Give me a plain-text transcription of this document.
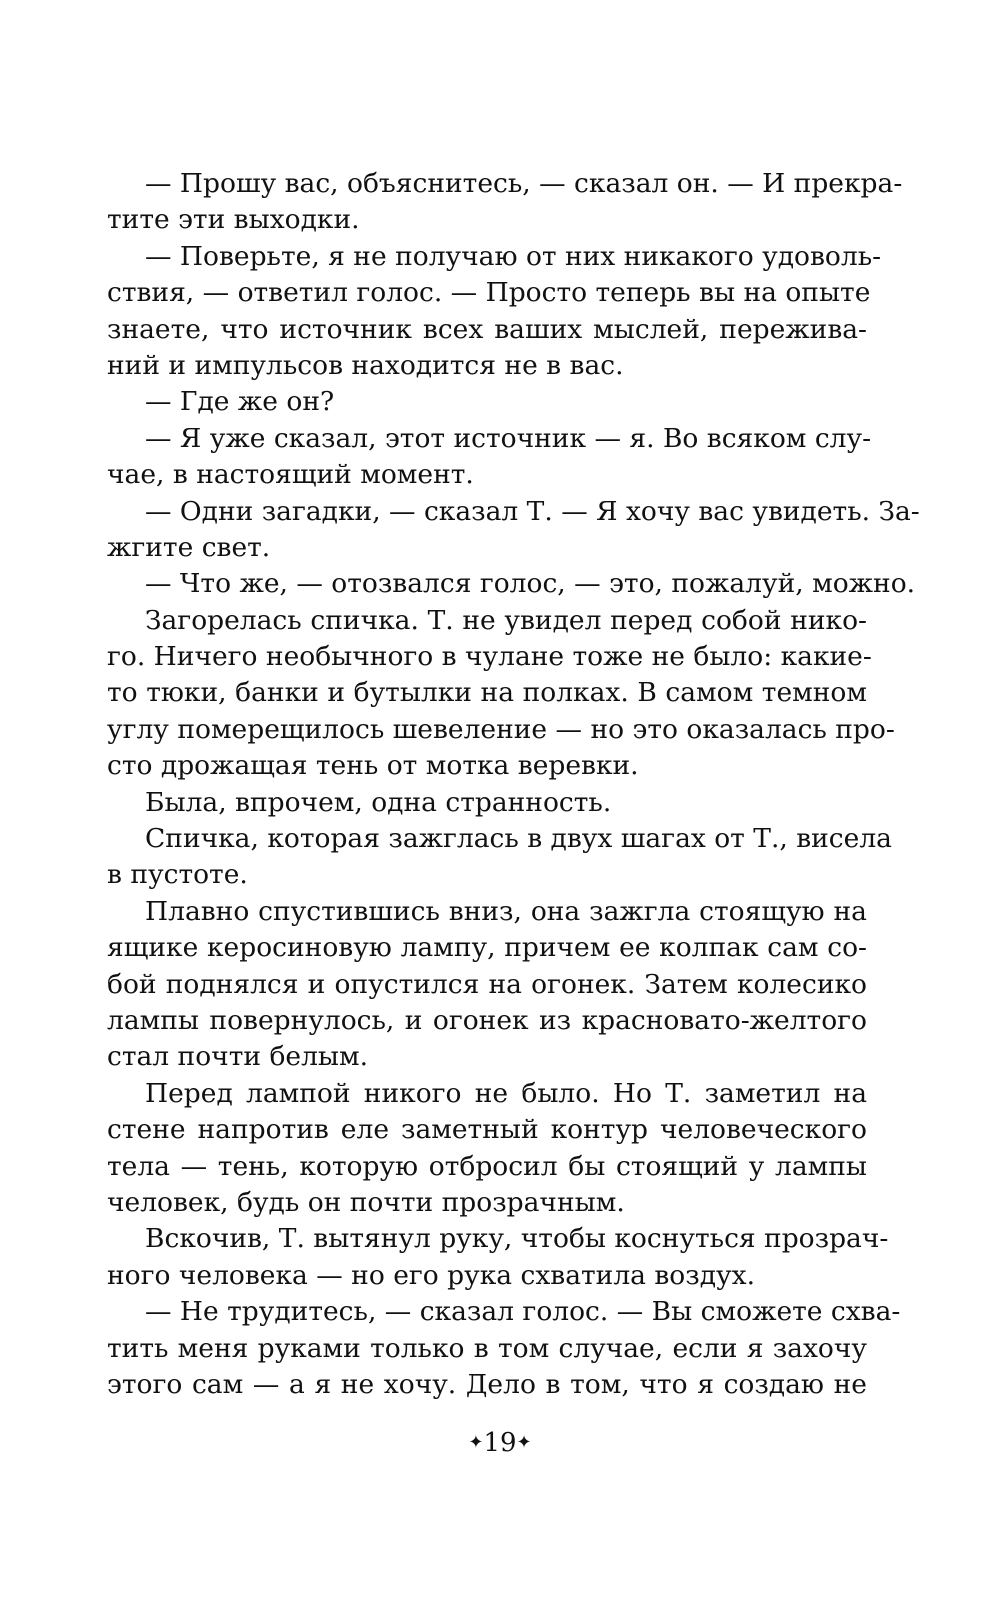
— Прошу вас, объяснитесь, — сказал он. — И прекра-
тите эти выходки.
— Поверьте, я не получаю от них никакого удоволь-
ствия, — ответил голос. — Просто теперь вы на опыте
знаете, что источник всех ваших мыслей, пережива-
ний и импульсов находится не в вас.
— Где же он?
— Я уже сказал, этот источник — я. Во всяком слу-
чае, в настоящий момент.
— Одни загадки, — сказал Т. — Я хочу вас увидеть. За-
жгите свет.
— Что же, — отозвался голос, — это, пожалуй, можно.
Загорелась спичка. Т. не увидел перед собой нико-
го. Ничего необычного в чулане тоже не было: какие-
то тюки, банки и бутылки на полках. В самом темном
углу померещилось шевеление — но это оказалась про-
сто дрожащая тень от мотка веревки.
Была, впрочем, одна странность.
Спичка, которая зажглась в двух шагах от Т., висела
в пустоте.
Плавно спустившись вниз, она зажгла стоящую на
ящике керосиновую лампу, причем ее колпак сам со-
бой поднялся и опустился на огонек. Затем колесико
лампы повернулось, и огонек из красновато-желтого
стал почти белым.
Перед лампой никого не было. Но Т. заметил на
стене напротив еле заметный контур человеческого
тела — тень, которую отбросил бы стоящий у лампы
человек, будь он почти прозрачным.
Вскочив, Т. вытянул руку, чтобы коснуться прозрач-
ного человека — но его рука схватила воздух.
— Не трудитесь, — сказал голос. — Вы сможете схва-
тить меня руками только в том случае, если я захочу
этого сам — а я не хочу. Дело в том, что я создаю не
✦19✦
